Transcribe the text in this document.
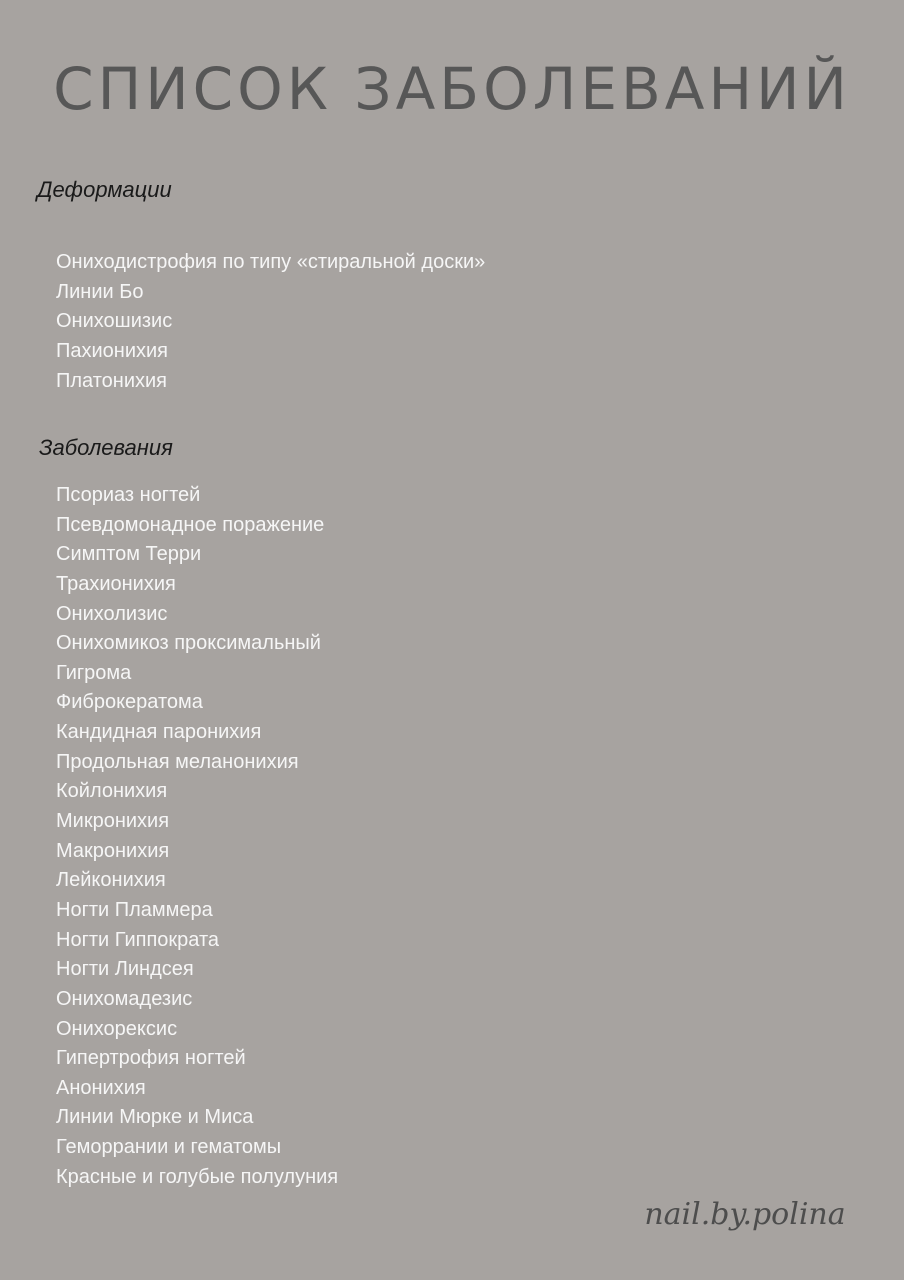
СПИСОК ЗАБОЛЕВАНИЙ
Деформации
Ониходистрофия по типу «стиральной доски»
Линии Бо
Онихошизис
Пахионихия
Платонихия
Заболевания
Псориаз ногтей
Псевдомонадное поражение
Симптом Терри
Трахионихия
Онихолизис
Онихомикоз проксимальный
Гигрома
Фиброкератома
Кандидная паронихия
Продольная меланонихия
Койлонихия
Микронихия
Макронихия
Лейконихия
Ногти Пламмера
Ногти Гиппократа
Ногти Линдсея
Онихомадезис
Онихорексис
Гипертрофия ногтей
Анонихия
Линии Мюрке и Миса
Геморрании и гематомы
Красные и голубые полулуния
nail.by.polina
